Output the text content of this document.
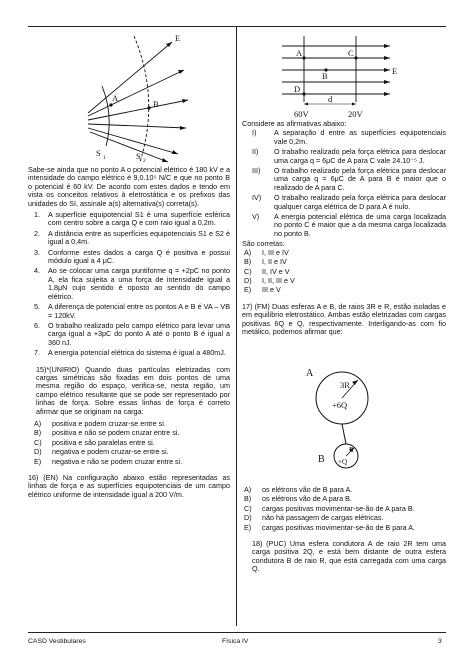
E
A
B
S 1	S 2

Sabe-se ainda que no ponto A o potencial elétrico é 180 kV e a intensidade do campo elétrico é 9,0.10⁵ N/C e que no ponto B o potencial é 60 kV. De acordo com estes dados e tendo em vista os conceitos relativos à eletrostática e os prefixos das unidades do SI, assinale a(s) alternativa(s) correta(s).

1.	A superfície equipotencial S1 é uma superfície esférica com centro sobre a carga Q e com raio igual a 0,2m.
2.	A distância entre as superfícies equipotenciais S1 e S2 é igual a 0,4m.
3.	Conforme estes dados a carga Q é positiva e possui módulo igual a 4 μC.
4.	Ao se colocar uma carga puntiforme q = +2pC no ponto A, ela fica sujeita a uma força de intensidade igual a 1,8μN cujo sentido é oposto ao sentido do campo elétrico.
5.	A diferença de potencial entre os pontos A e B é VA – VB = 120kV.
6.	O trabalho realizado pelo campo elétrico para levar uma carga igual a +3pC do ponto A até o ponto B é igual a 360 nJ.
7.	A energia potencial elétrica do sistema é igual a 480mJ.

15)*(UNIRIO) Quando duas partículas eletrizadas com cargas simétricas são fixadas em dois pontos de uma mesma região do espaço, verifica-se, nesta região, um campo elétrico resultante que se pode ser representado por linhas de força. Sobre essas linhas de força é correto afirmar que se originam na carga:

A)	positiva e podem cruzar-se entre si.
B)	positiva e não se podem cruzar entre si.
C)	positiva e são paralelas entre si.
D)	negativa e podem cruzar-se entre si.
E)	negativa e não se podem cruzar entre si.

16) (EN) Na configuração abaixo estão representadas as linhas de força e as superfícies equipotenciais de um campo elétrico uniforme de intensidade igual a 200 V/m.

A	C
B
D
E
d
60V	20V

Considere as afirmativas abaixo:

I)	A separação d entre as superfícies equipotenciais vale 0,2m.
II)	O trabalho realizado pela força elétrica para deslocar uma carga q = 6μC de A para C vale 24.10⁻⁵ J.
III)	O trabalho realizado pela força elétrica para deslocar uma carga q = 6μC de A para B é maior que o realizado de A para C.
IV)	O trabalho realizado pela força elétrica para deslocar qualquer carga elétrica de D para A é nulo.
V)	A energia potencial elétrica de uma carga localizada no ponto C é maior que a da mesma carga localizada no ponto B.

São corretas:

A)	I, III e IV
B)	I, II e IV
C)	II, IV e V
D)	I, II, III e V
E)	III e V

17) (FM) Duas esferas A e B, de raios 3R e R, estão isoladas e em equilíbrio eletrostático. Ambas estão eletrizadas com cargas positivas 6Q e Q, respectivamente. Interligando-as com fio metálico, podemos afirmar que:

A
3R
+6Q
B
R
+Q
A)	os elétrons vão de B para A.
B)	os elétrons vão de A para B.
C)	cargas positivas movimentar-se-ão de A para B.
D)	não há passagem de cargas elétricas.
E)	cargas positivas movimentar-se-ão de B para A.

18) (PUC) Uma esfera condutora A de raio 2R tem uma carga positiva 2Q, e está bem distante de outra esfera condutora B de raio R, que está carregada com uma carga Q.

CASD Vestibulares	Física IV	3
